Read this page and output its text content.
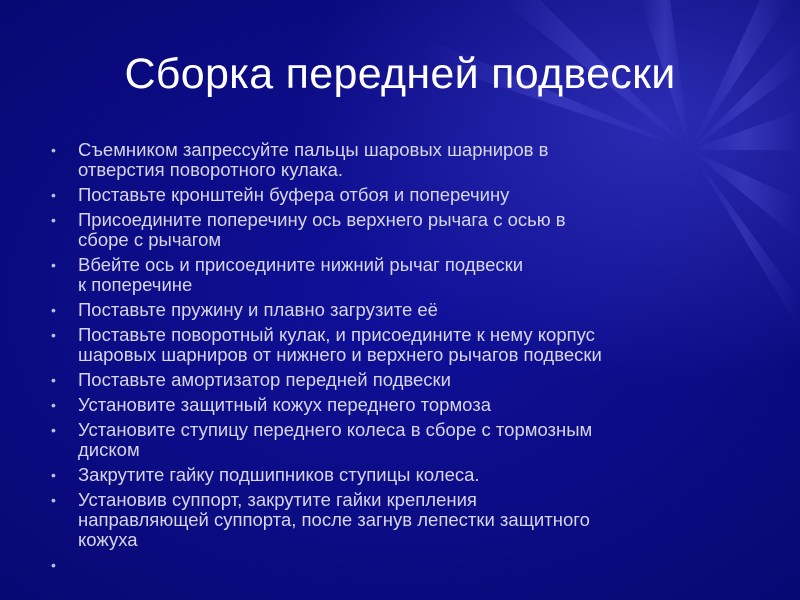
Сборка передней подвески
• Съемником запрессуйте пальцы шаровых шарниров в
отверстия поворотного кулака.
• Поставьте кронштейн буфера отбоя и поперечину
• Присоедините поперечину ось верхнего рычага с осью в
сборе с рычагом
• Вбейте ось и присоедините нижний рычаг подвески
к поперечине
• Поставьте пружину и плавно загрузите её
• Поставьте поворотный кулак, и присоедините к нему корпус
шаровых шарниров от нижнего и верхнего рычагов подвески
• Поставьте амортизатор передней подвески
• Установите защитный кожух переднего тормоза
• Установите ступицу переднего колеса в сборе с тормозным
диском
• Закрутите гайку подшипников ступицы колеса.
• Установив суппорт, закрутите гайки крепления
направляющей суппорта, после загнув лепестки защитного
кожуха
•
